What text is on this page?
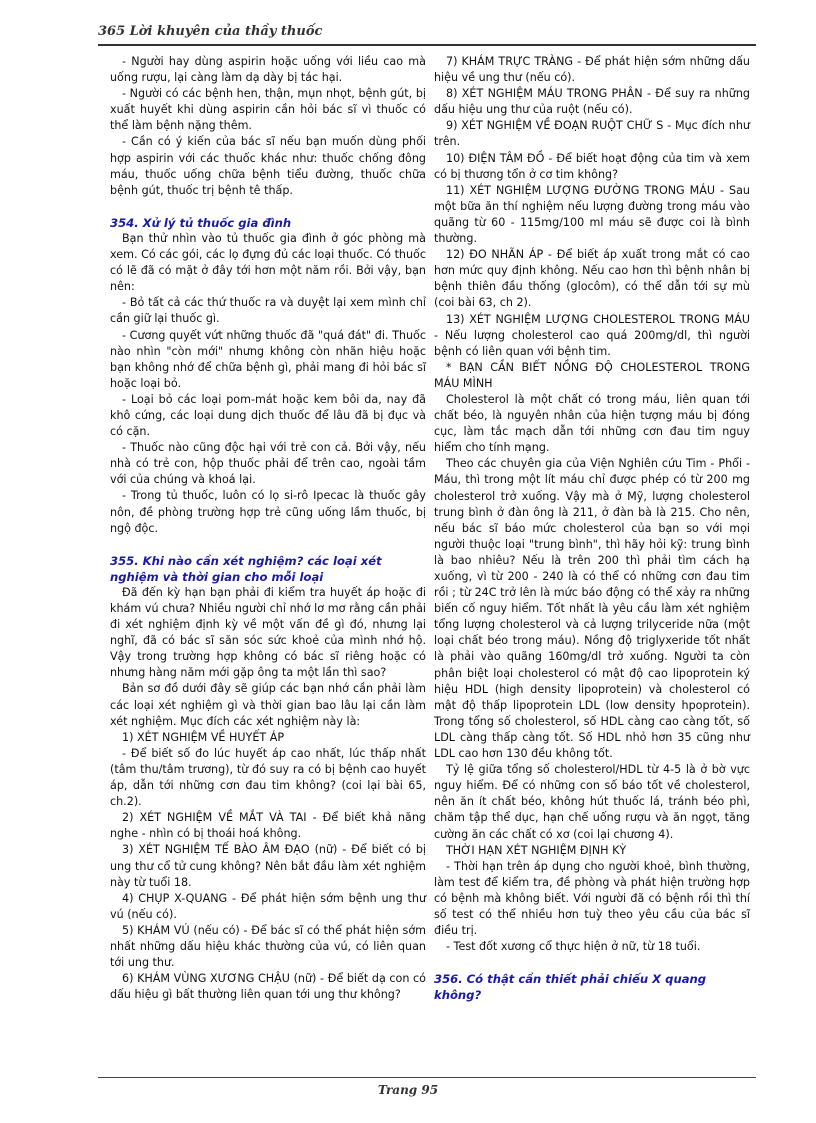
365 Lời khuyên của thầy thuốc

- Người hay dùng aspirin hoặc uống với liều cao mà uống rượu, lại càng làm dạ dày bị tác hại.

- Người có các bệnh hen, thận, mụn nhọt, bệnh gút, bị xuất huyết khi dùng aspirin cần hỏi bác sĩ vì thuốc có thể làm bệnh nặng thêm.

- Cần có ý kiến của bác sĩ nếu bạn muốn dùng phối hợp aspirin với các thuốc khác như: thuốc chống đông máu, thuốc uống chữa bệnh tiểu đường, thuốc chữa bệnh gút, thuốc trị bệnh tê thấp.

354. Xử lý tủ thuốc gia đình

Bạn thử nhìn vào tủ thuốc gia đình ở góc phòng mà xem. Có các gói, các lọ đựng đủ các loại thuốc. Có thuốc có lẽ đã có mặt ở đây tới hơn một năm rồi. Bởi vậy, bạn nên:

- Bỏ tất cả các thứ thuốc ra và duyệt lại xem mình chỉ cần giữ lại thuốc gì.

- Cương quyết vứt những thuốc đã "quá đát" đi. Thuốc nào nhìn "còn mới" nhưng không còn nhãn hiệu hoặc bạn không nhớ để chữa bệnh gì, phải mang đi hỏi bác sĩ hoặc loại bỏ.

- Loại bỏ các loại pom-mát hoặc kem bôi da, nay đã khô cứng, các loại dung dịch thuốc để lâu đã bị đục và có cặn.

- Thuốc nào cũng độc hại với trẻ con cả. Bởi vậy, nếu nhà có trẻ con, hộp thuốc phải để trên cao, ngoài tầm với của chúng và khoá lại.

- Trong tủ thuốc, luôn có lọ si-rô Ipecac là thuốc gây nôn, đề phòng trường hợp trẻ cũng uống lầm thuốc, bị ngộ độc.

355. Khi nào cần xét nghiệm? các loại xét nghiệm và thời gian cho mỗi loại

Đã đến kỳ hạn bạn phải đi kiểm tra huyết áp hoặc đi khám vú chưa? Nhiều người chỉ nhớ lơ mơ rằng cần phải đi xét nghiệm định kỳ về một vấn đề gì đó, nhưng lại nghĩ, đã có bác sĩ săn sóc sức khoẻ của mình nhớ hộ. Vậy trong trường hợp không có bác sĩ riêng hoặc có nhưng hàng năm mới gặp ông ta một lần thì sao?

Bản sơ đồ dưới đây sẽ giúp các bạn nhớ cần phải làm các loại xét nghiệm gì và thời gian bao lâu lại cần làm xét nghiệm. Mục đích các xét nghiệm này là:

1) XÉT NGHIỆM VỀ HUYẾT ÁP

- Để biết số đo lúc huyết áp cao nhất, lúc thấp nhất (tâm thu/tâm trương), từ đó suy ra có bị bệnh cao huyết áp, dẫn tới những cơn đau tim không? (coi lại bài 65, ch.2).

2) XÉT NGHIỆM VỀ MẮT VÀ TAI - Để biết khả năng nghe - nhìn có bị thoái hoá không.

3) XÉT NGHIỆM TẾ BÀO ÂM ĐẠO (nữ) - Để biết có bị ung thư cổ tử cung không? Nên bắt đầu làm xét nghiệm này từ tuổi 18.

4) CHỤP X-QUANG - Để phát hiện sớm bệnh ung thư vú (nếu có).

5) KHÁM VÚ (nếu có) - Để bác sĩ có thể phát hiện sớm nhất những dấu hiệu khác thường của vú, có liên quan tới ung thư.

6) KHÁM VÙNG XƯƠNG CHẬU (nữ) - Để biết dạ con có dấu hiệu gì bất thường liên quan tới ung thư không?

7) KHÁM TRỰC TRÀNG - Để phát hiện sớm những dấu hiệu về ung thư (nếu có).

8) XÉT NGHIỆM MÁU TRONG PHÂN - Để suy ra những dấu hiệu ung thư của ruột (nếu có).

9) XÉT NGHIỆM VỀ ĐOẠN RUỘT CHỮ S - Mục đích như trên.

10) ĐIỆN TÂM ĐỒ - Để biết hoạt động của tim và xem có bị thương tổn ở cơ tim không?

11) XÉT NGHIỆM LƯỢNG ĐƯỜNG TRONG MÁU - Sau một bữa ăn thí nghiệm nếu lượng đường trong máu vào quãng từ 60 - 115mg/100 ml máu sẽ được coi là bình thường.

12) ĐO NHÃN ÁP - Để biết áp xuất trong mắt có cao hơn mức quy định không. Nếu cao hơn thì bệnh nhân bị bệnh thiên đầu thống (glocôm), có thể dẫn tới sự mù (coi bài 63, ch 2).

13) XÉT NGHIỆM LƯỢNG CHOLESTEROL TRONG MÁU - Nếu lượng cholesterol cao quá 200mg/dl, thì người bệnh có liên quan với bệnh tim.

* BẠN CẦN BIẾT NỒNG ĐỘ CHOLESTEROL TRONG MÁU MÌNH

Cholesterol là một chất có trong máu, liên quan tới chất béo, là nguyên nhân của hiện tượng máu bị đóng cục, làm tắc mạch dẫn tới những cơn đau tim nguy hiểm cho tính mạng.

Theo các chuyên gia của Viện Nghiên cứu Tim - Phổi - Máu, thì trong một lít máu chỉ được phép có từ 200 mg cholesterol trở xuống. Vậy mà ở Mỹ, lượng cholesterol trung bình ở đàn ông là 211, ở đàn bà là 215. Cho nên, nếu bác sĩ báo mức cholesterol của bạn so với mọi người thuộc loại "trung bình", thì hãy hỏi kỹ: trung bình là bao nhiêu? Nếu là trên 200 thì phải tìm cách hạ xuống, vì từ 200 - 240 là có thể có những cơn đau tim rồi ; từ 24C trở lên là mức báo động có thể xảy ra những biến cố nguy hiểm. Tốt nhất là yêu cầu làm xét nghiệm tổng lượng cholesterol và cả lượng trilyceride nữa (một loại chất béo trong máu). Nồng độ triglyxeride tốt nhất là phải vào quãng 160mg/dl trở xuống. Người ta còn phân biệt loại cholesterol có mật độ cao lipoprotein ký hiệu HDL (high density lipoprotein) và cholesterol có mật độ thấp lipoprotein LDL (low density hpoprotein). Trong tổng số cholesterol, số HDL càng cao càng tốt, số LDL càng thấp càng tốt. Số HDL nhỏ hơn 35 cũng như LDL cao hơn 130 đều không tốt.

Tỷ lệ giữa tổng số cholesterol/HDL từ 4-5 là ở bờ vực nguy hiểm. Để có những con số báo tốt về cholesterol, nên ăn ít chất béo, không hút thuốc lá, tránh béo phì, chăm tập thể dục, hạn chế uống rượu và ăn ngọt, tăng cường ăn các chất có xơ (coi lại chương 4).

THỜI HẠN XÉT NGHIỆM ĐỊNH KỲ

- Thời hạn trên áp dụng cho người khoẻ, bình thường, làm test để kiểm tra, đề phòng và phát hiện trường hợp có bệnh mà không biết. Với người đã có bệnh rồi thì thí số test có thể nhiều hơn tuỳ theo yêu cầu của bác sĩ điều trị.

- Test đốt xương cổ thực hiện ở nữ, từ 18 tuổi.

356. Có thật cần thiết phải chiếu X quang không?
Trang 95
